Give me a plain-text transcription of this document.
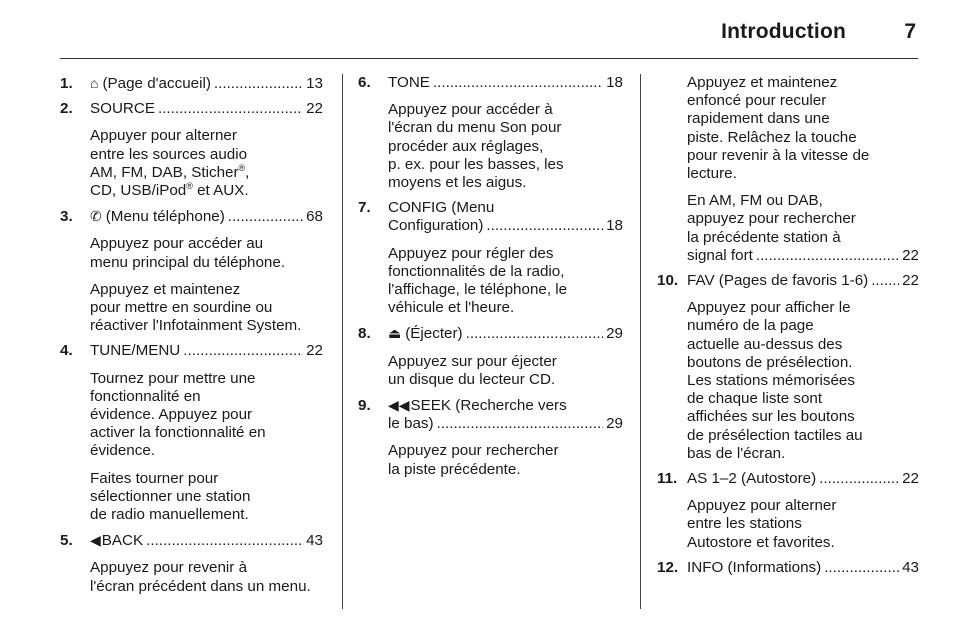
Introduction	7
1.	⌂ (Page d'accueil) .....	13
2.	SOURCE .....	22
Appuyer pour alterner
entre les sources audio
AM, FM, DAB, Sticher®,
CD, USB/iPod® et AUX.
3.	✆ (Menu téléphone) .....	68
Appuyez pour accéder au
menu principal du téléphone.
Appuyez et maintenez
pour mettre en sourdine ou
réactiver l'Infotainment System.
4.	TUNE/MENU .....	22
Tournez pour mettre une
fonctionnalité en
évidence. Appuyez pour
activer la fonctionnalité en
évidence.
Faites tourner pour
sélectionner une station
de radio manuellement.
5.	◀BACK .....	43
Appuyez pour revenir à
l'écran précédent dans un menu.
6.	TONE .....	18
Appuyez pour accéder à
l'écran du menu Son pour
procéder aux réglages,
p. ex. pour les basses, les
moyens et les aigus.
7.	CONFIG (Menu
Configuration) .....	18
Appuyez pour régler des
fonctionnalités de la radio,
l'affichage, le téléphone, le
véhicule et l'heure.
8.	⏏ (Éjecter) .....	29
Appuyez sur pour éjecter
un disque du lecteur CD.
9.	◀◀SEEK (Recherche vers
le bas) .....	29
Appuyez pour rechercher
la piste précédente.
Appuyez et maintenez
enfoncé pour reculer
rapidement dans une
piste. Relâchez la touche
pour revenir à la vitesse de
lecture.
En AM, FM ou DAB,
appuyez pour rechercher
la précédente station à
signal fort .....	22
10. FAV (Pages de favoris 1-6) ..... 22
Appuyez pour afficher le
numéro de la page
actuelle au-dessus des
boutons de présélection.
Les stations mémorisées
de chaque liste sont
affichées sur les boutons
de présélection tactiles au
bas de l'écran.
11. AS 1–2 (Autostore) .....	22
Appuyez pour alterner
entre les stations
Autostore et favorites.
12. INFO (Informations) .....	43
